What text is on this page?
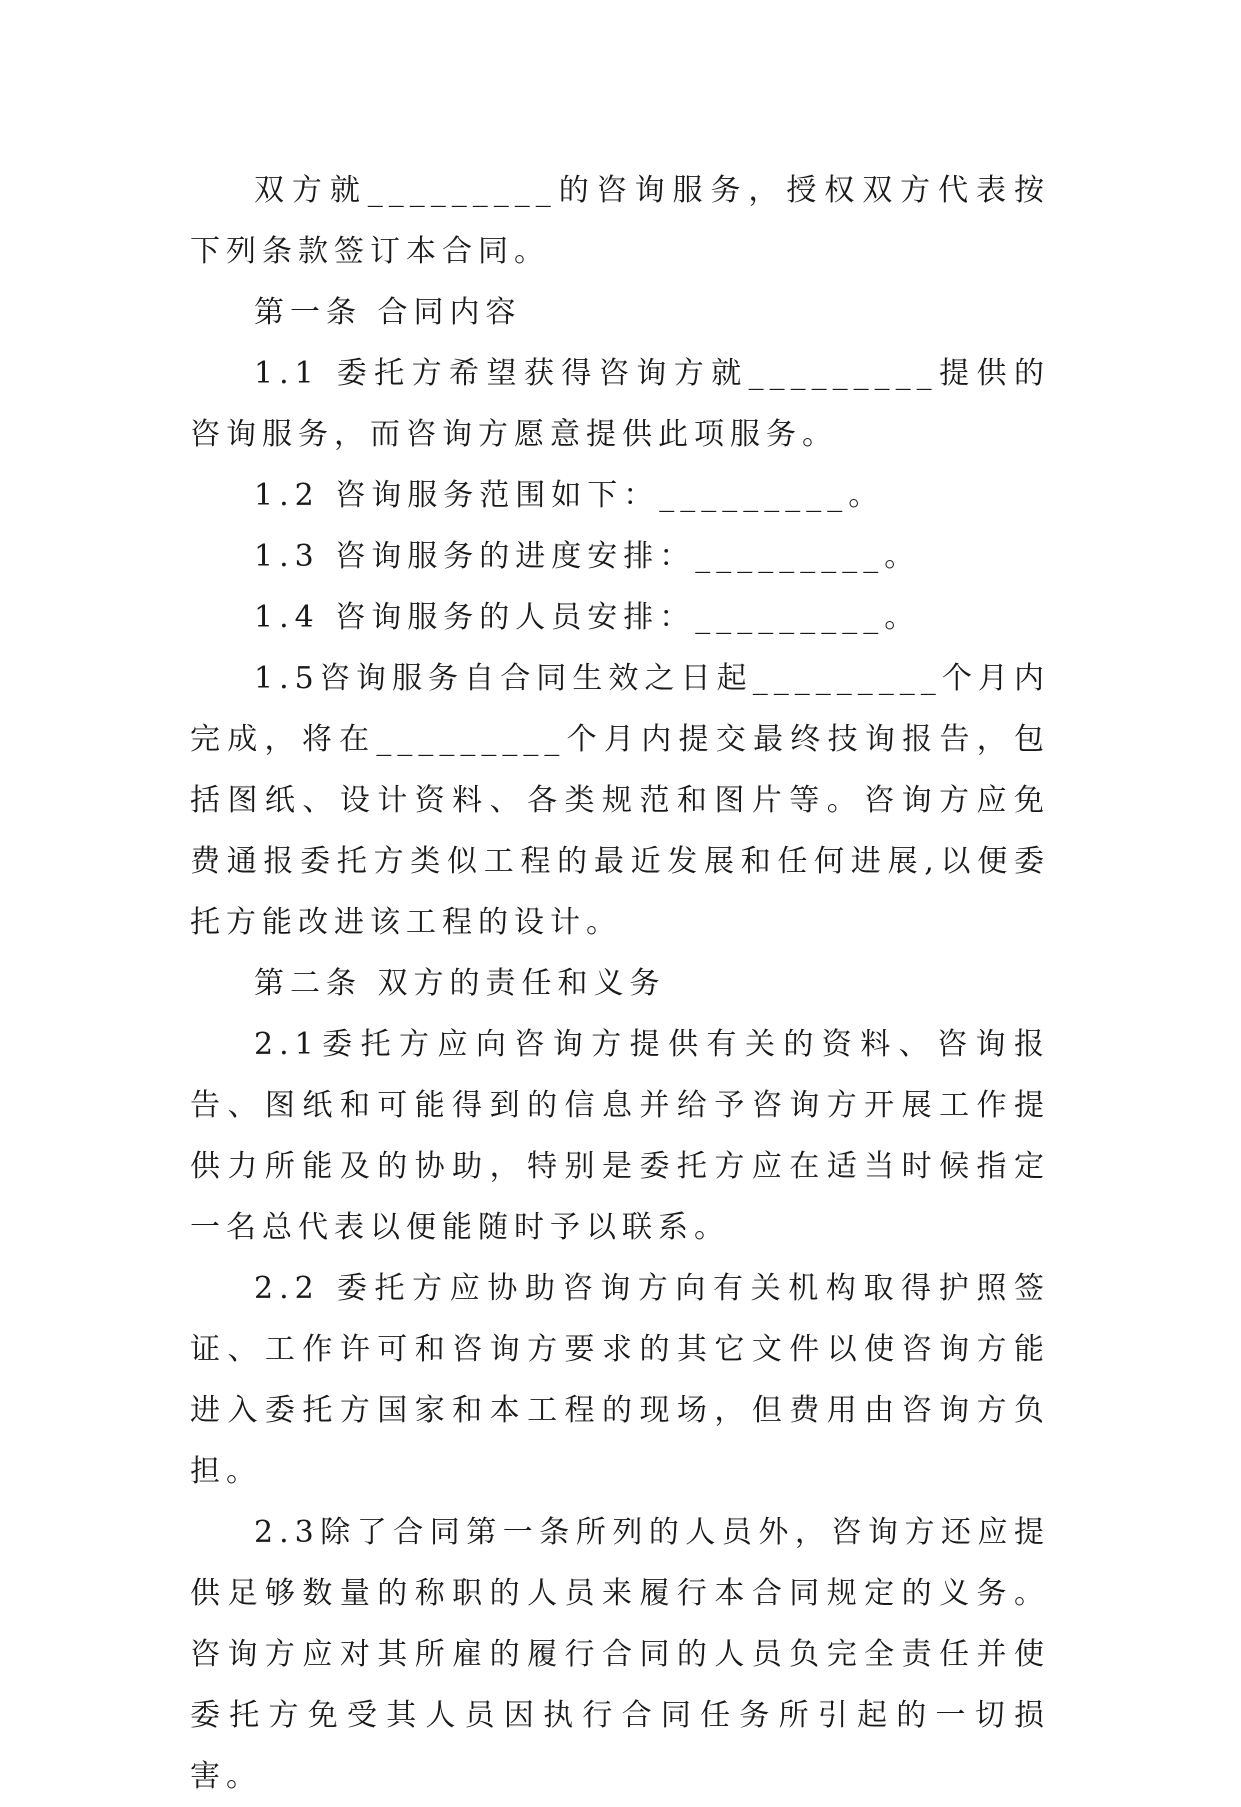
双方就_________的咨询服务，授权双方代表按下列条款签订本合同。

第一条 合同内容

1.1 委托方希望获得咨询方就_________提供的咨询服务，而咨询方愿意提供此项服务。

1.2 咨询服务范围如下：_________。

1.3 咨询服务的进度安排：_________。

1.4 咨询服务的人员安排：_________。

1.5咨询服务自合同生效之日起_________个月内完成，将在_________个月内提交最终技询报告，包括图纸、设计资料、各类规范和图片等。咨询方应免费通报委托方类似工程的最近发展和任何进展,以便委托方能改进该工程的设计。

第二条 双方的责任和义务

2.1委托方应向咨询方提供有关的资料、咨询报告、图纸和可能得到的信息并给予咨询方开展工作提供力所能及的协助，特别是委托方应在适当时候指定一名总代表以便能随时予以联系。

2.2 委托方应协助咨询方向有关机构取得护照签证、工作许可和咨询方要求的其它文件以使咨询方能进入委托方国家和本工程的现场，但费用由咨询方负担。

2.3除了合同第一条所列的人员外，咨询方还应提供足够数量的称职的人员来履行本合同规定的义务。咨询方应对其所雇的履行合同的人员负完全责任并使委托方免受其人员因执行合同任务所引起的一切损害。
